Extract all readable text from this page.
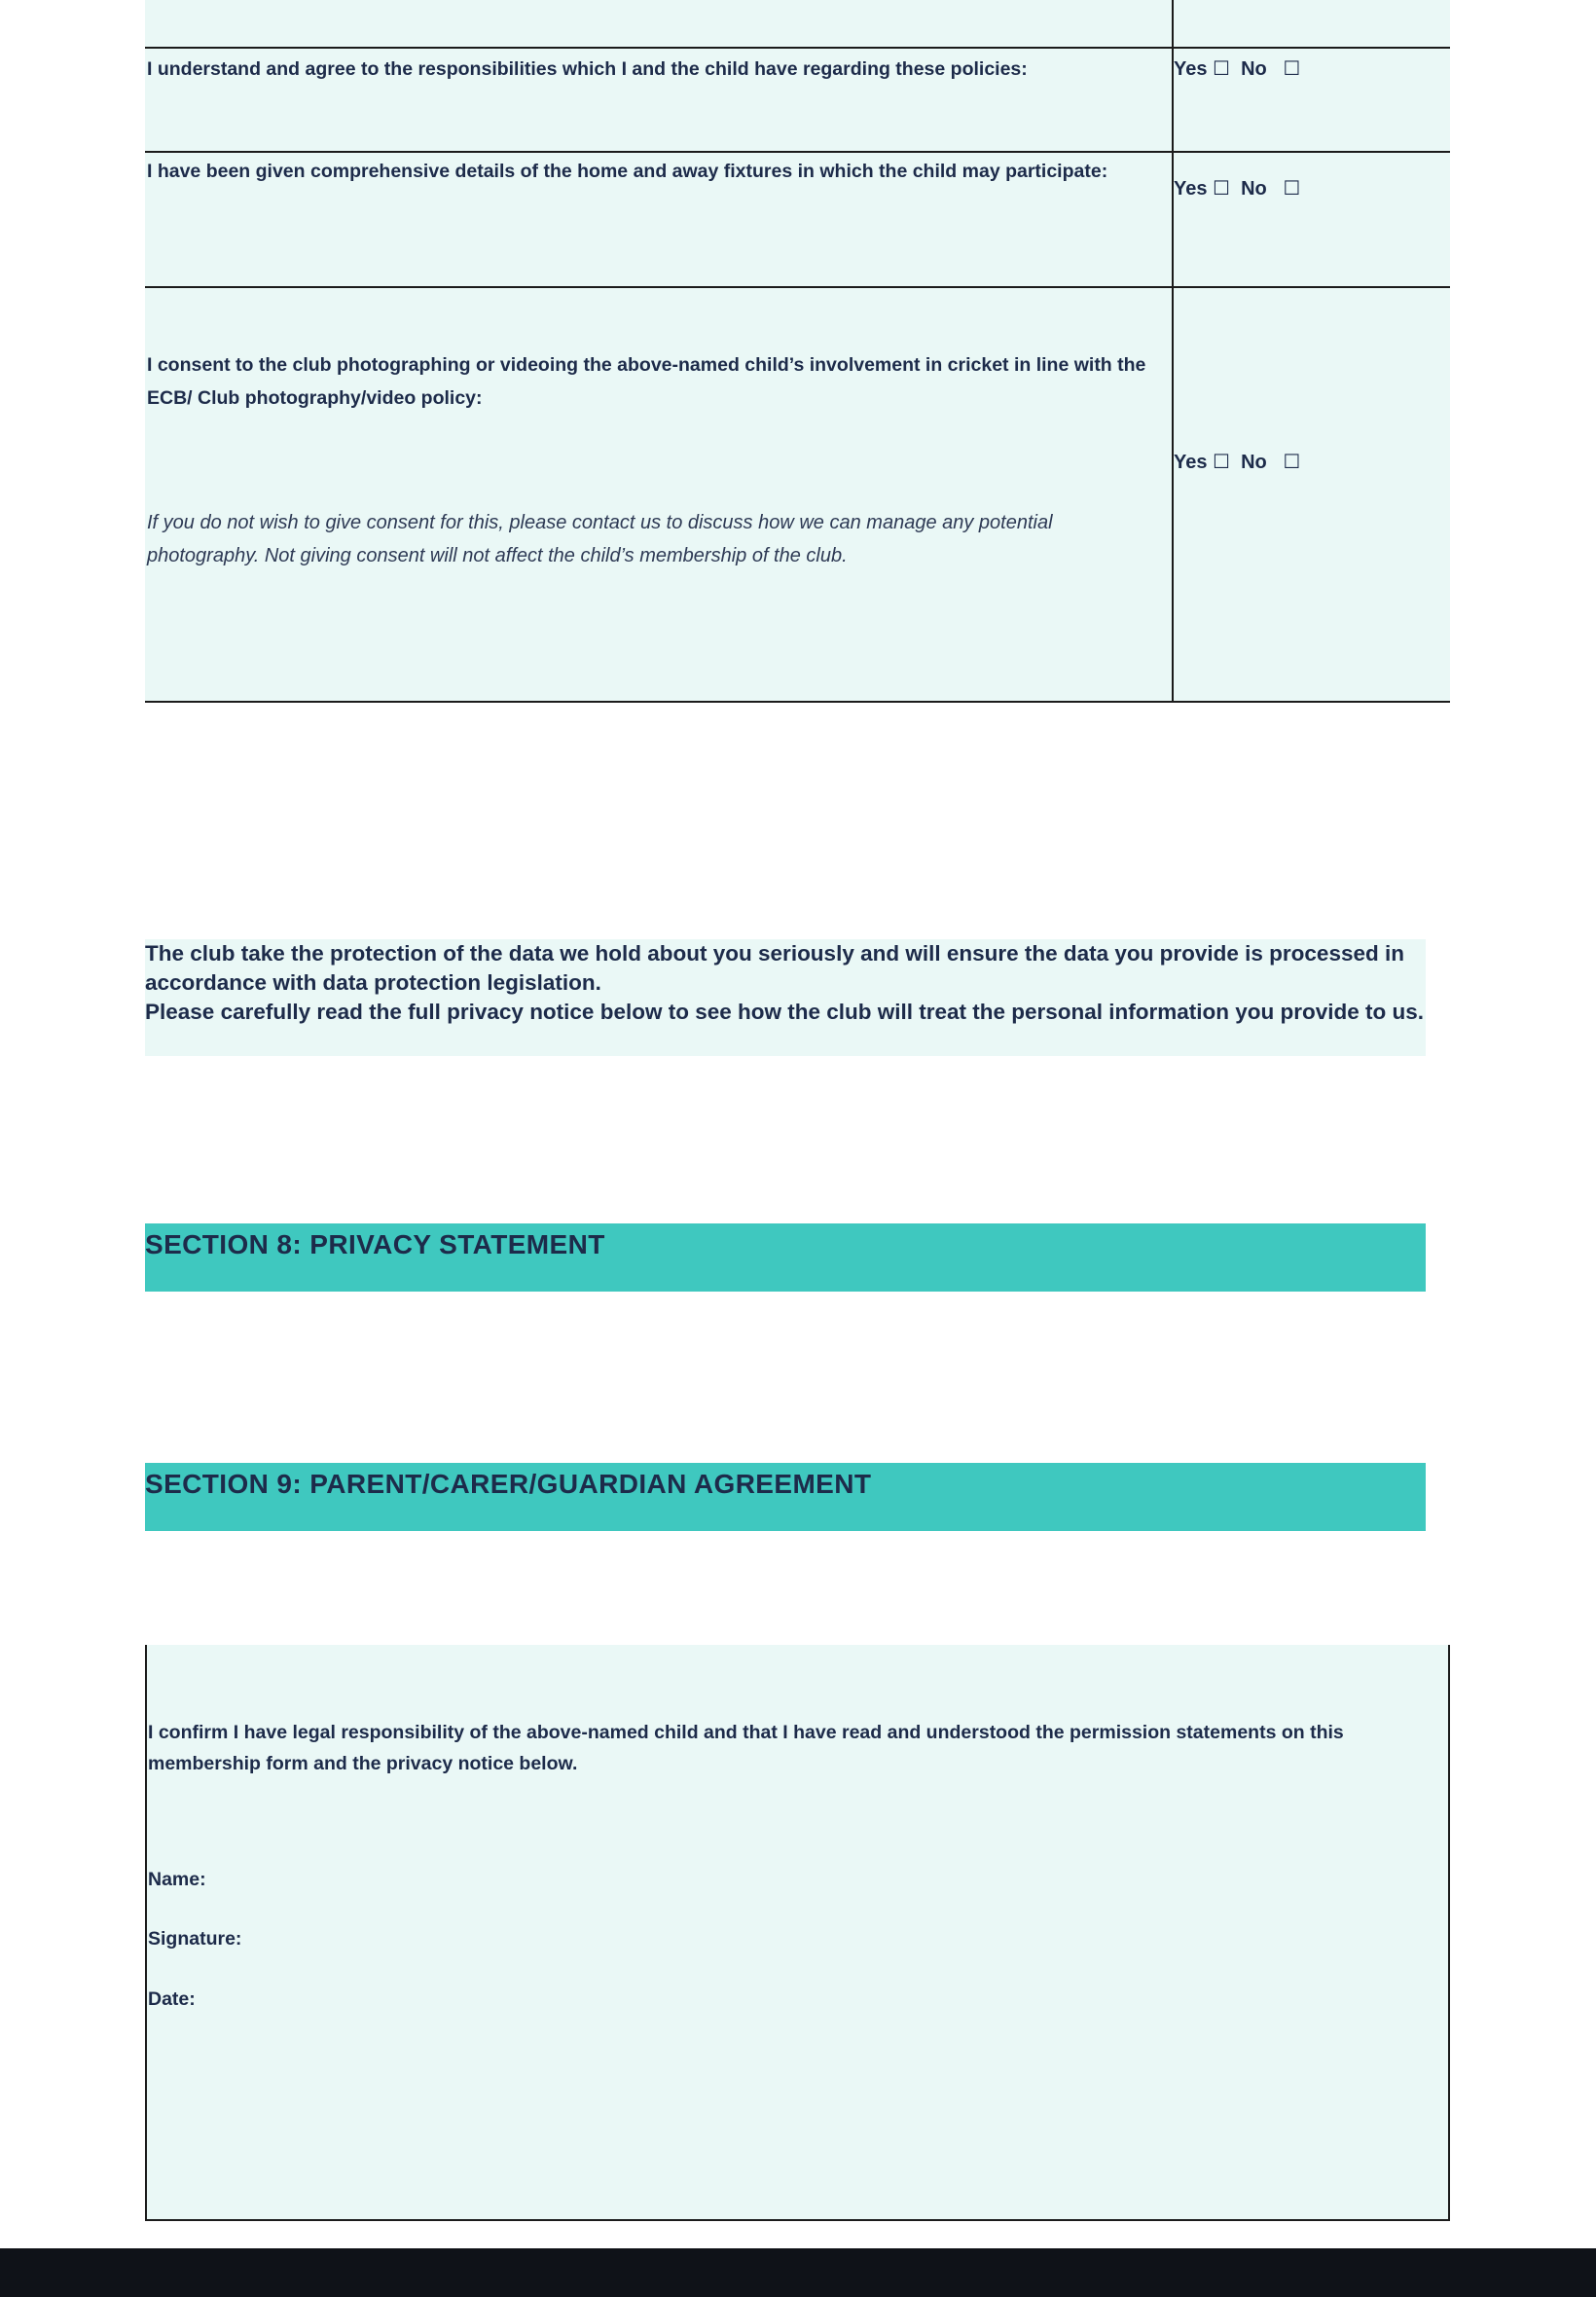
I understand and agree to the responsibilities which I and the child have regarding these policies:	Yes ☐  No   ☐
I have been given comprehensive details of the home and away fixtures in which the child may participate:
Yes ☐  No   ☐
I consent to the club photographing or videoing the above-named child’s involvement in cricket in line with the ECB/ Club photography/video policy:
Yes ☐  No   ☐
If you do not wish to give consent for this, please contact us to discuss how we can manage any potential photography. Not giving consent will not affect the child’s membership of the club.

The club take the protection of the data we hold about you seriously and will ensure the data you provide is processed in accordance with data protection legislation.

Please carefully read the full privacy notice below to see how the club will treat the personal information you provide to us.

SECTION 8: PRIVACY STATEMENT
SECTION 9: PARENT/CARER/GUARDIAN AGREEMENT
I confirm I have legal responsibility of the above-named child and that I have read and understood the permission statements on this membership form and the privacy notice below.
Name:
Signature:
Date:
